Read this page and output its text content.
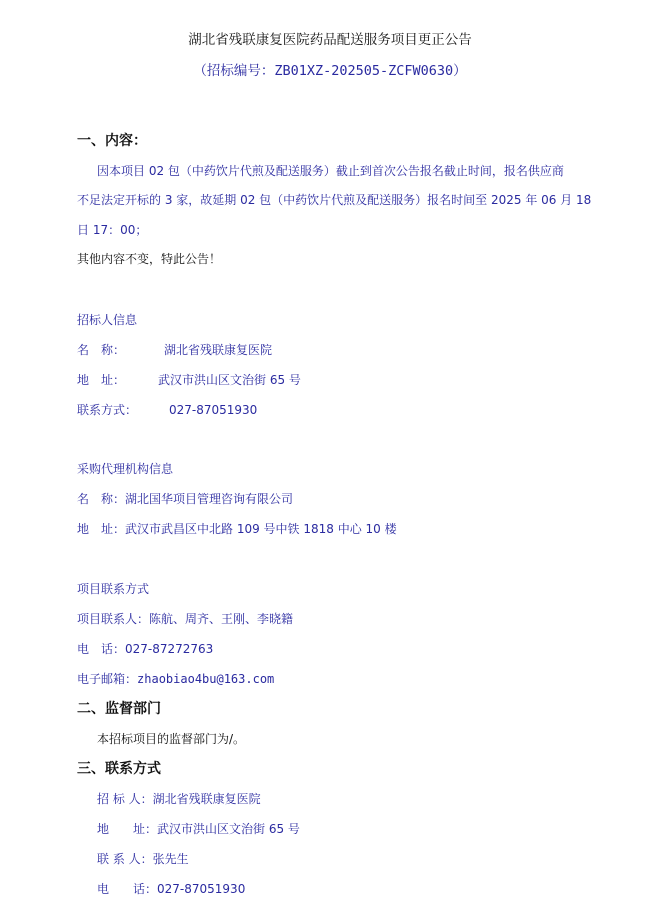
湖北省残联康复医院药品配送服务项目更正公告
（招标编号：ZB01XZ-202505-ZCFW0630）
一、内容：
因本项目 02 包（中药饮片代煎及配送服务）截止到首次公告报名截止时间，报名供应商
不足法定开标的 3 家，故延期 02 包（中药饮片代煎及配送服务）报名时间至 2025 年 06 月 18
日 17：00；
其他内容不变，特此公告！
招标人信息
名　称：	湖北省残联康复医院
地　址：	武汉市洪山区文治街 65 号
联系方式：	027-87051930
采购代理机构信息
名　称：湖北国华项目管理咨询有限公司
地　址：武汉市武昌区中北路 109 号中铁 1818 中心 10 楼
项目联系方式
项目联系人：陈航、周齐、王刚、李晓籍
电　话：027-87272763
电子邮箱：zhaobiao4bu@163.com
二、监督部门
本招标项目的监督部门为/。
三、联系方式
招 标 人：湖北省残联康复医院
地　　址：武汉市洪山区文治街 65 号
联 系 人：张先生
电　　话：027-87051930
